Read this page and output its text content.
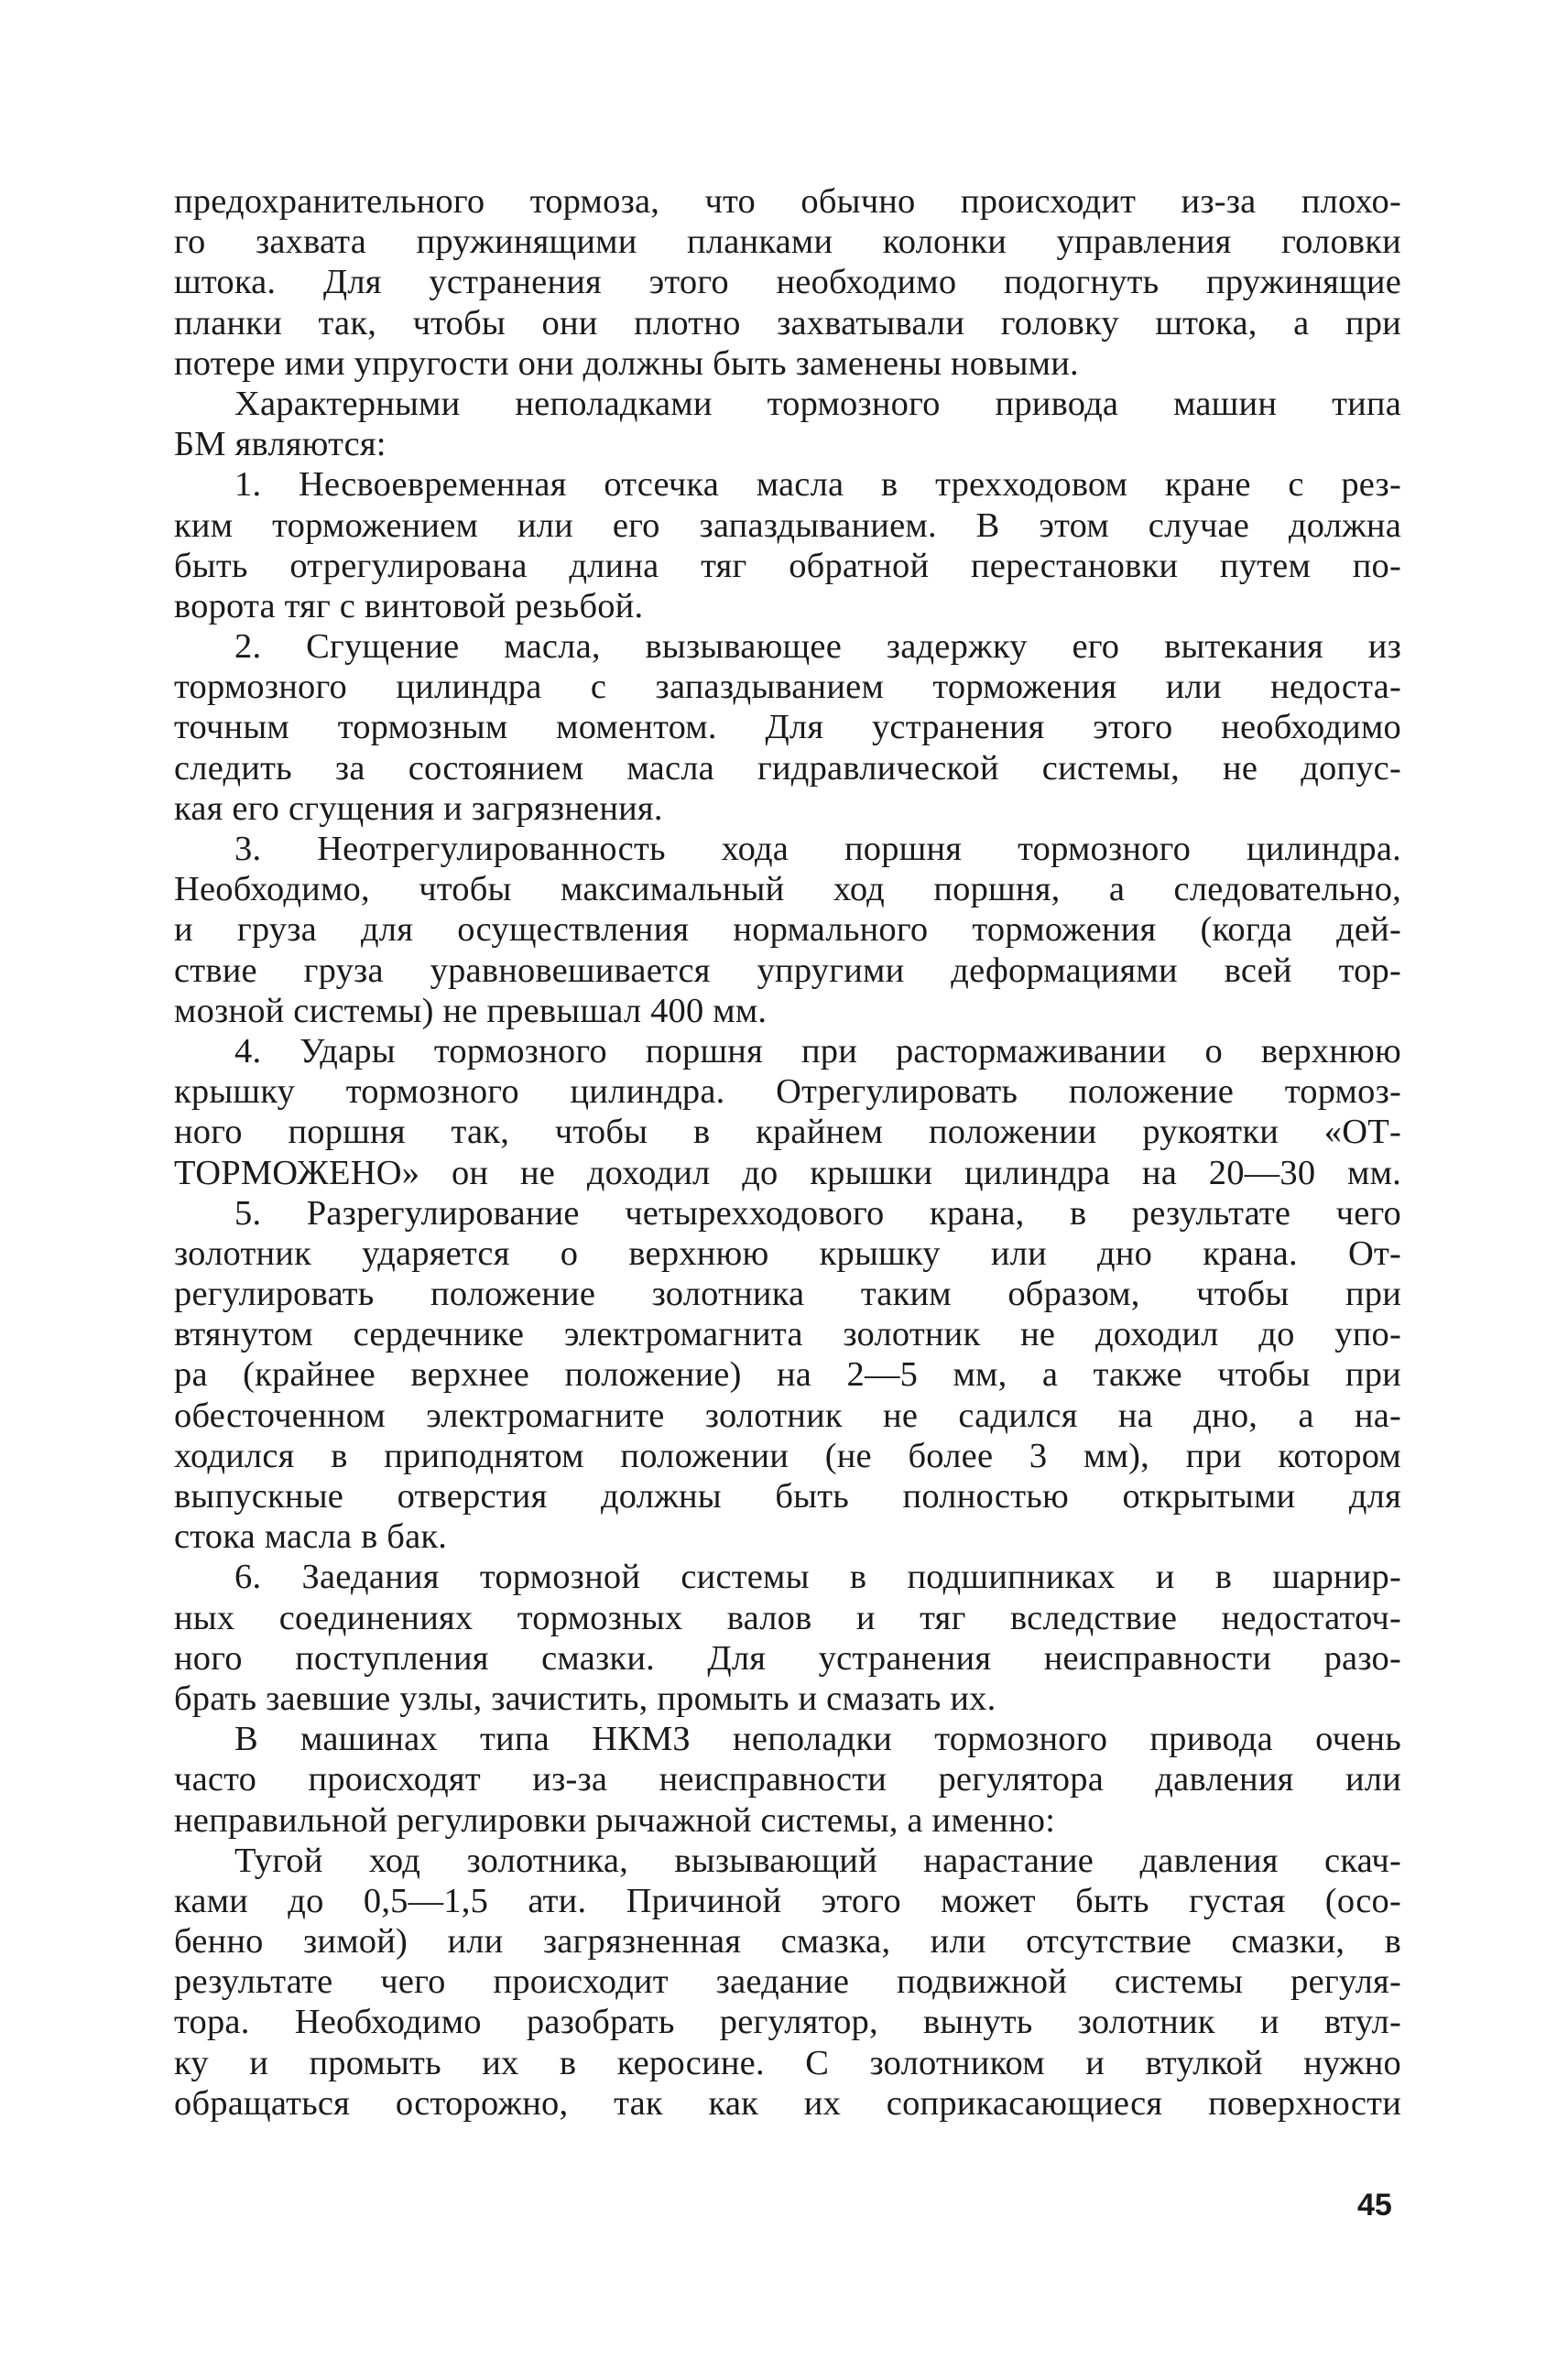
предохранительного тормоза, что обычно происходит из-за плохо-
го захвата пружинящими планками колонки управления головки
штока. Для устранения этого необходимо подогнуть пружинящие
планки так, чтобы они плотно захватывали головку штока, а при
потере ими упругости они должны быть заменены новыми.
Характерными неполадками тормозного привода машин типа
БМ являются:
1. Несвоевременная отсечка масла в трехходовом кране с рез-
ким торможением или его запаздыванием. В этом случае должна
быть отрегулирована длина тяг обратной перестановки путем по-
ворота тяг с винтовой резьбой.
2. Сгущение масла, вызывающее задержку его вытекания из
тормозного цилиндра с запаздыванием торможения или недоста-
точным тормозным моментом. Для устранения этого необходимо
следить за состоянием масла гидравлической системы, не допус-
кая его сгущения и загрязнения.
3. Неотрегулированность хода поршня тормозного цилиндра.
Необходимо, чтобы максимальный ход поршня, а следовательно,
и груза для осуществления нормального торможения (когда дей-
ствие груза уравновешивается упругими деформациями всей тор-
мозной системы) не превышал 400 мм.
4. Удары тормозного поршня при растормаживании о верхнюю
крышку тормозного цилиндра. Отрегулировать положение тормоз-
ного поршня так, чтобы в крайнем положении рукоятки «ОТ-
ТОРМОЖЕНО» он не доходил до крышки цилиндра на 20—30 мм.
5. Разрегулирование четырехходового крана, в результате чего
золотник ударяется о верхнюю крышку или дно крана. От-
регулировать положение золотника таким образом, чтобы при
втянутом сердечнике электромагнита золотник не доходил до упо-
ра (крайнее верхнее положение) на 2—5 мм, а также чтобы при
обесточенном электромагните золотник не садился на дно, а на-
ходился в приподнятом положении (не более 3 мм), при котором
выпускные отверстия должны быть полностью открытыми для
стока масла в бак.
6. Заедания тормозной системы в подшипниках и в шарнир-
ных соединениях тормозных валов и тяг вследствие недостаточ-
ного поступления смазки. Для устранения неисправности разо-
брать заевшие узлы, зачистить, промыть и смазать их.
В машинах типа НКМЗ неполадки тормозного привода очень
часто происходят из-за неисправности регулятора давления или
неправильной регулировки рычажной системы, а именно:
Тугой ход золотника, вызывающий нарастание давления скач-
ками до 0,5—1,5 ати. Причиной этого может быть густая (осо-
бенно зимой) или загрязненная смазка, или отсутствие смазки, в
результате чего происходит заедание подвижной системы регуля-
тора. Необходимо разобрать регулятор, вынуть золотник и втул-
ку и промыть их в керосине. С золотником и втулкой нужно
обращаться осторожно, так как их соприкасающиеся поверхности
45
